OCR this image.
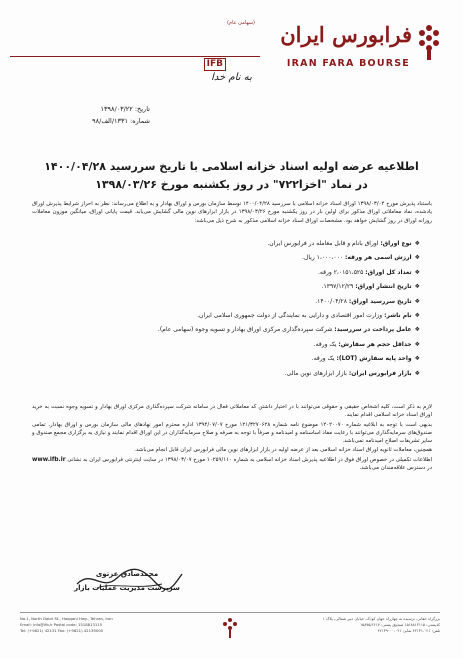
(سهامی عام) فرابورس ایران
IFB	IRAN FARA BOURSE
به نام خدا
تاریخ: ۱۳۹۸/۰۳/۲۲
شماره: ۱۳۳۱/الف/۹۸
اطلاعیه عرضه اولیه اسناد خزانه اسلامی با تاریخ سررسید ۱۴۰۰/۰۴/۲۸
در نماد "اخزا۷۲۲" در روز یکشنبه مورخ ۱۳۹۸/۰۳/۲۶
باستناد پذیرش مورخ ۱۳۹۸/۰۳/۰۴ اوراق اسناد خزانه اسلامی با سررسید ۱۴۰۰/۰۴/۲۸ توسط سازمان بورس و اوراق بهادار و به اطلاع می‌رساند: نظر به احراز شرایط پذیرش اوراق یادشده، نماد معاملاتی اوراق مذکور برای اولین بار در روز یکشنبه مورخ ۱۳۹۸/۰۳/۲۶ در بازار ابزارهای نوین مالی گشایش می‌یابد. قیمت پایانی اوراق، میانگین موزون معاملات روزانه اوراق در روز گشایش خواهد بود. مشخصات اوراق اسناد خزانه اسلامی مذکور به شرح ذیل می‌باشد:
❖نوع اوراق: اوراق بانام و قابل معامله در فرابورس ایران.
❖ارزش اسمی هر ورقه: ۱،۰۰۰،۰۰۰ ریال.
❖تعداد کل اوراق: ۲،۰۱۵۱،۵۲۵ ورقه.
❖تاریخ انتشار اوراق: ۱۳۹۷/۱۲/۲۹.
❖تاریخ سررسید اوراق: ۱۴۰۰/۰۴/۲۸.
❖نام ناشر: وزارت امور اقتصادی و دارایی به نمایندگی از دولت جمهوری اسلامی ایران.
❖عامل پرداخت در سررسید: شرکت سپرده‌گذاری مرکزی اوراق بهادار و تسویه وجوه (سهامی عام).
❖حداقل حجم هر سفارش: یک ورقه.
❖واحد پایه سفارش (LOT): یک ورقه.
❖بازار فرابورس ایران: بازار ابزارهای نوین مالی.

لازم به ذکر است، کلیه اشخاص حقیقی و حقوقی می‌توانند با در اختیار داشتن کد معاملاتی فعال در سامانه شرکت سپرده‌گذاری مرکزی اوراق بهادار و تسویه وجوه نسبت به خرید اوراق اسناد خزانه اسلامی اقدام نمایند.

بدیهی است با توجه به ابلاغیه شماره ۱۲۰۲۰۰۷۰ موضوع نامه شماره ۱۲۱/۳۲۷۰۶۲۸ مورخ ۱۳۹۴/۰۷/۰۷ اداره محترم امور نهادهای مالی سازمان بورس و اوراق بهادار، تمامی صندوق‌های سرمایه‌گذاری می‌توانند با رعایت مفاد اساسنامه و امیدنامه و صرفاً با توجه به صرفه و صلاح سرمایه‌گذاران در این اوراق اقدام نمایند و نیازی به برگزاری مجمع صندوق و سایر تشریفات اصلاح امیدنامه نمی‌باشد.

همچنین، معاملات ثانویه اوراق اسناد خزانه اسلامی بعد از عرضه اولیه در بازار ابزارهای نوین مالی فرابورس ایران قابل انجام می‌باشد.

اطلاعات تکمیلی در خصوص اوراق فوق در اطلاعیه پذیرش اسناد خزانه اسلامی به شماره ۱۰۲۵۹/۱۱۰ مورخ ۱۳۹۸/۰۳/۰۷ در سایت اینترنتی فرابورس ایران به نشانی www.ifb.ir در دسترس علاقه‌مندان می‌باشد.

محمدصادق عزتوی
سرپرست مدیریت عملیات بازار
No.1, North Dabir St., Haqqani Hwy., Tehran, Iran
Email: info@ifb.ir Postal code: 1518813115
Tel: (+9821) 42131 Fax: (+9821) 42139000
بزرگراه حقانی، نرسیده به چهارراه جهان کودک، خیابان دبیر شمالی، پلاک ۱
کدپستی: ۱۵۱۸۸۱۳۱۱۵ صندوق پستی: ۱۵۸۷۵/۶۶۱۷
تلفن: ۰۲۱-۴۲۱۳۱ نمابر: ۰۲۱-۴۲۱۳۹۰۰۰
